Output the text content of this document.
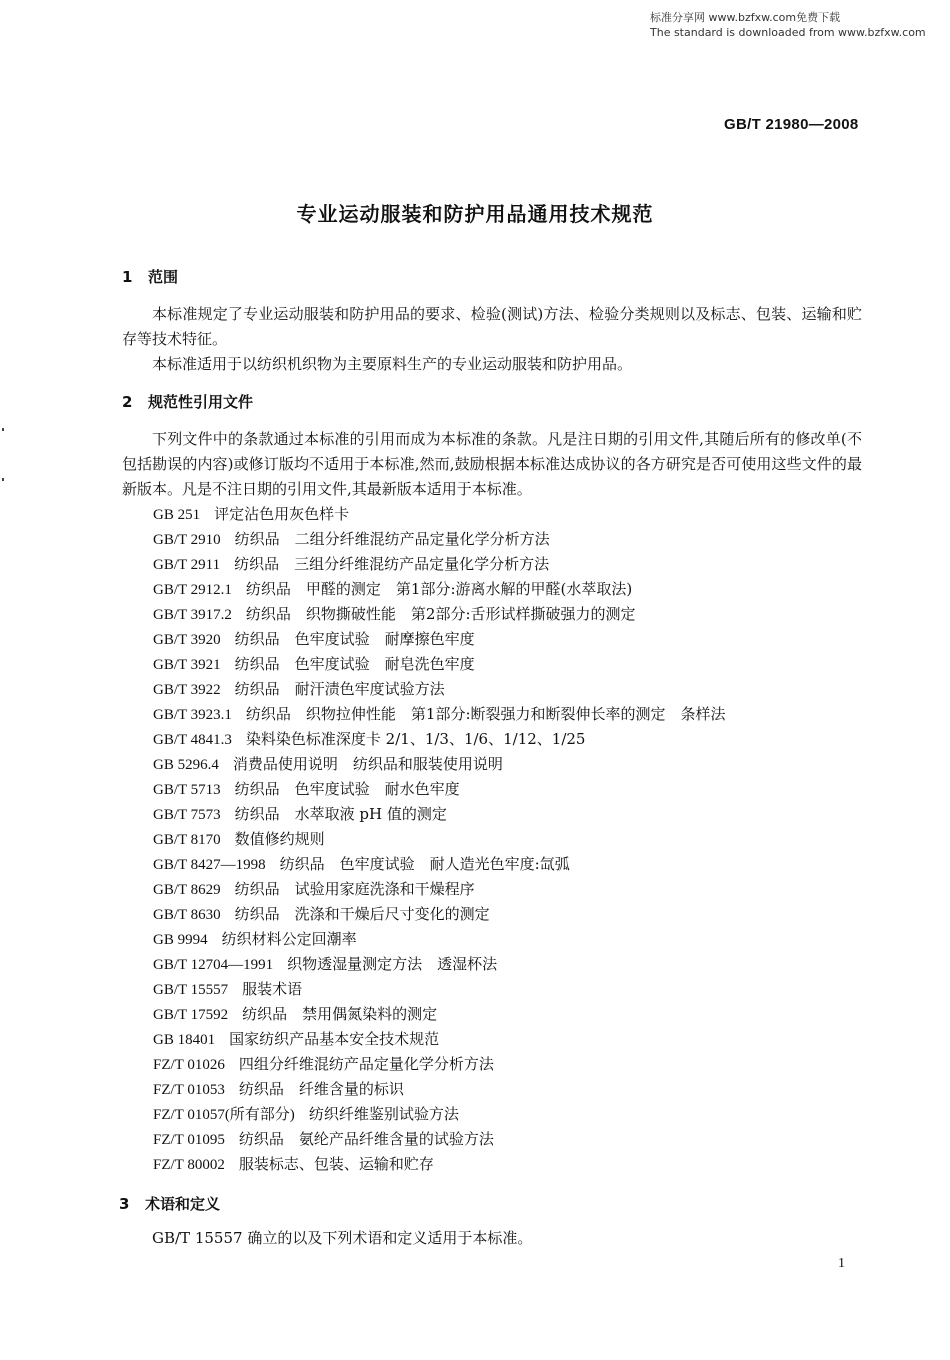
标准分享网 www.bzfxw.com免费下载
The standard is downloaded from www.bzfxw.com
GB/T 21980—2008
专业运动服装和防护用品通用技术规范
1 范围
本标准规定了专业运动服装和防护用品的要求、检验(测试)方法、检验分类规则以及标志、包装、运输和贮存等技术特征。
本标准适用于以纺织机织物为主要原料生产的专业运动服装和防护用品。
2 规范性引用文件
下列文件中的条款通过本标准的引用而成为本标准的条款。凡是注日期的引用文件,其随后所有的修改单(不包括勘误的内容)或修订版均不适用于本标准,然而,鼓励根据本标准达成协议的各方研究是否可使用这些文件的最新版本。凡是不注日期的引用文件,其最新版本适用于本标准。
GB 251 评定沾色用灰色样卡
GB/T 2910 纺织品　二组分纤维混纺产品定量化学分析方法
GB/T 2911 纺织品　三组分纤维混纺产品定量化学分析方法
GB/T 2912.1 纺织品　甲醛的测定　第1部分:游离水解的甲醛(水萃取法)
GB/T 3917.2 纺织品　织物撕破性能　第2部分:舌形试样撕破强力的测定
GB/T 3920 纺织品　色牢度试验　耐摩擦色牢度
GB/T 3921 纺织品　色牢度试验　耐皂洗色牢度
GB/T 3922 纺织品　耐汗渍色牢度试验方法
GB/T 3923.1 纺织品　织物拉伸性能　第1部分:断裂强力和断裂伸长率的测定　条样法
GB/T 4841.3 染料染色标准深度卡 2/1、1/3、1/6、1/12、1/25
GB 5296.4 消费品使用说明　纺织品和服装使用说明
GB/T 5713 纺织品　色牢度试验　耐水色牢度
GB/T 7573 纺织品　水萃取液 pH 值的测定
GB/T 8170 数值修约规则
GB/T 8427—1998 纺织品　色牢度试验　耐人造光色牢度:氙弧
GB/T 8629 纺织品　试验用家庭洗涤和干燥程序
GB/T 8630 纺织品　洗涤和干燥后尺寸变化的测定
GB 9994 纺织材料公定回潮率
GB/T 12704—1991 织物透湿量测定方法　透湿杯法
GB/T 15557 服装术语
GB/T 17592 纺织品　禁用偶氮染料的测定
GB 18401 国家纺织产品基本安全技术规范
FZ/T 01026 四组分纤维混纺产品定量化学分析方法
FZ/T 01053 纺织品　纤维含量的标识
FZ/T 01057(所有部分) 纺织纤维鉴别试验方法
FZ/T 01095 纺织品　氨纶产品纤维含量的试验方法
FZ/T 80002 服装标志、包装、运输和贮存
3 术语和定义
GB/T 15557 确立的以及下列术语和定义适用于本标准。
1
